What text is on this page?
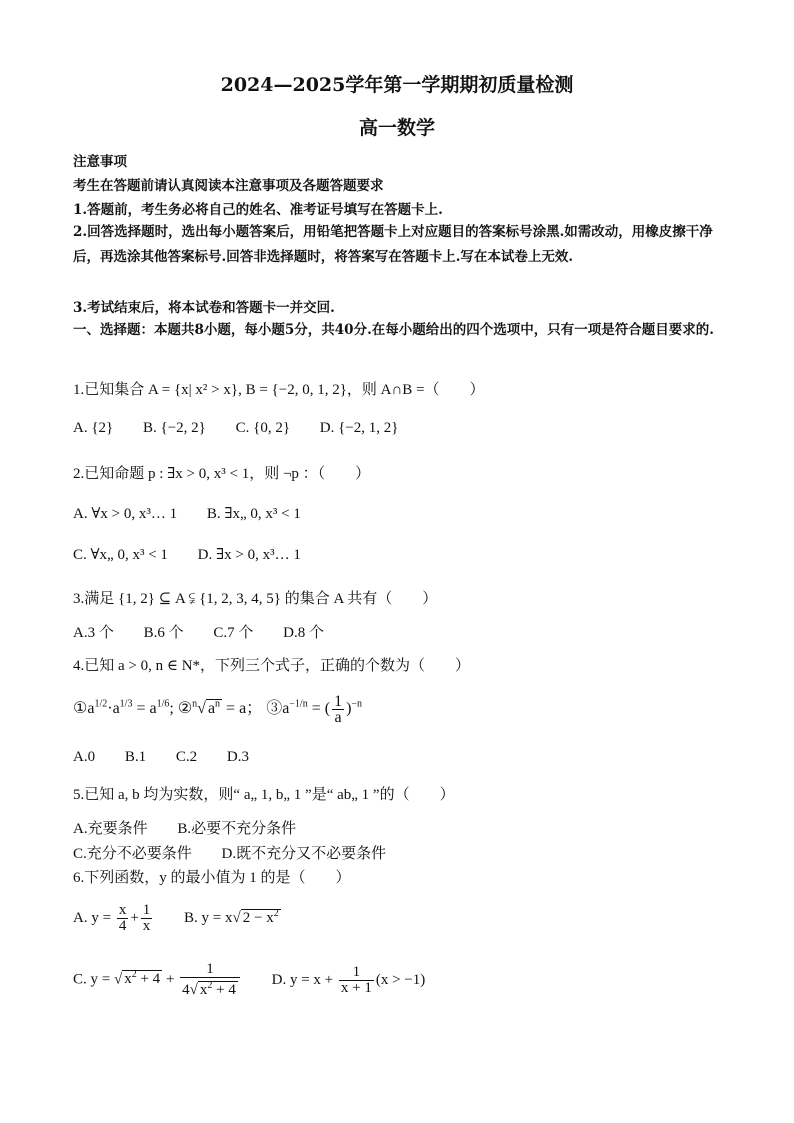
2024—2025学年第一学期期初质量检测
高一数学
注意事项
考生在答题前请认真阅读本注意事项及各题答题要求
1.答题前，考生务必将自己的姓名、准考证号填写在答题卡上.
2.回答选择题时，选出每小题答案后，用铅笔把答题卡上对应题目的答案标号涂黑.如需改动，用橡皮擦干净后，再选涂其他答案标号.回答非选择题时，将答案写在答题卡上.写在本试卷上无效.
3.考试结束后，将本试卷和答题卡一并交回.
一、选择题：本题共8小题，每小题5分，共40分.在每小题给出的四个选项中，只有一项是符合题目要求的.
1.已知集合 A = {x| x² > x}, B = {−2, 0, 1, 2}，则 A∩B =（　　）
A. {2} B. {−2, 2} C. {0, 2} D. {−2, 1, 2}
2.已知命题 p : ∃x > 0, x³ < 1，则 ¬p ：（　　）
A. ∀x > 0, x³… 1 B. ∃x„ 0, x³ < 1
C. ∀x„ 0, x³ < 1 D. ∃x > 0, x³… 1
3.满足 {1, 2} ⊆ A ⫋ {1, 2, 3, 4, 5} 的集合 A 共有（　　）
A.3 个 B.6 个 C.7 个 D.8 个
4.已知 a > 0, n ∈ N*，下列三个式子，正确的个数为（　　）
$①a^{1/2}\cdot a^{1/3} = a^{1/6}$; ②$^n$√ $a^n = a$； $③a^{-1/n}$ = ( $\frac{1}{a} )^{-n}$
A.0 B.1 C.2 D.3
5.已知 a, b 均为实数，则“ a„ 1, b„ 1 ”是“ ab„ 1 ”的（　　）
A.充要条件 B.必要不充分条件
C.充分不必要条件 D.既不充分又不必要条件
6.下列函数，y 的最小值为 1 的是（　　）
A. $y = \frac{x}{4} + \frac{1}{x} B$. y = x√ $2 - x^2$
C. y = √ $x^2 + 4 + \frac{1}{4√ x^2 + 4} D$. $y = x + \frac{1}{x + 1} (x > -1)$
